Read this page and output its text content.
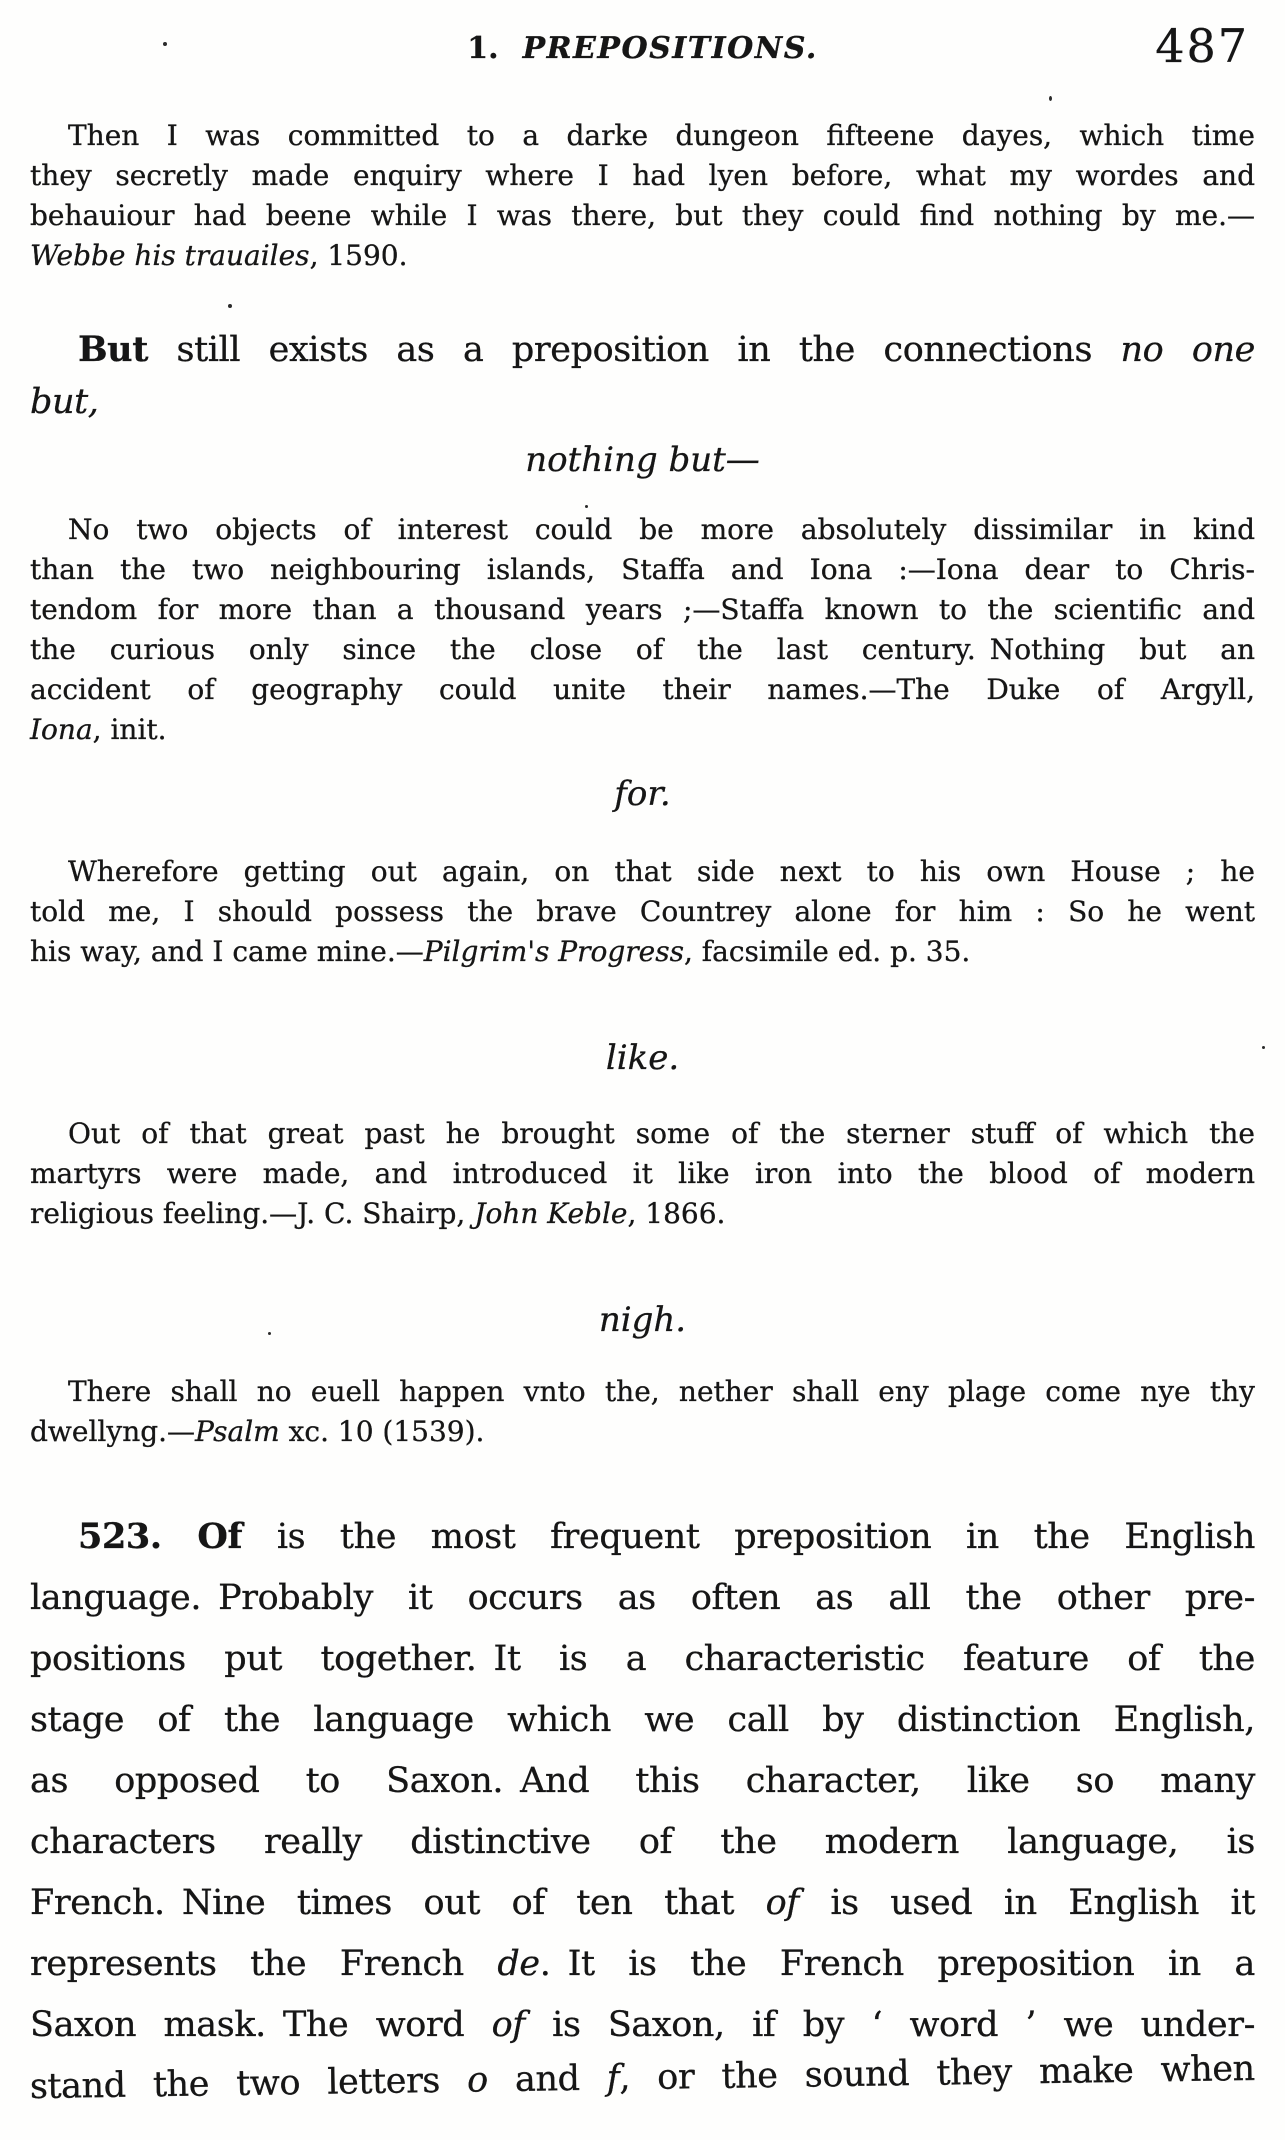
1. PREPOSITIONS.	487
Then I was committed to a darke dungeon fifteene dayes, which time
they secretly made enquiry where I had lyen before, what my wordes and
behauiour had beene while I was there, but they could find nothing by me.—
Webbe his trauailes, 1590.
But still exists as a preposition in the connections no one
but,
nothing but—
No two objects of interest could be more absolutely dissimilar in kind
than the two neighbouring islands, Staffa and Iona :—Iona dear to Chris-
tendom for more than a thousand years ;—Staffa known to the scientific and
the curious only since the close of the last century. Nothing but an
accident of geography could unite their names.—The Duke of Argyll,
Iona, init.
for.
Wherefore getting out again, on that side next to his own House ; he
told me, I should possess the brave Countrey alone for him : So he went
his way, and I came mine.—Pilgrim's Progress, facsimile ed. p. 35.
like.
Out of that great past he brought some of the sterner stuff of which the
martyrs were made, and introduced it like iron into the blood of modern
religious feeling.—J. C. Shairp, John Keble, 1866.
nigh.
There shall no euell happen vnto the, nether shall eny plage come nye thy
dwellyng.—Psalm xc. 10 (1539).
523. Of is the most frequent preposition in the English
language. Probably it occurs as often as all the other pre-
positions put together. It is a characteristic feature of the
stage of the language which we call by distinction English,
as opposed to Saxon. And this character, like so many
characters really distinctive of the modern language, is
French. Nine times out of ten that of is used in English it
represents the French de. It is the French preposition in a
Saxon mask. The word of is Saxon, if by ‘ word ’ we under-
stand the two letters o and f, or the sound they make when
